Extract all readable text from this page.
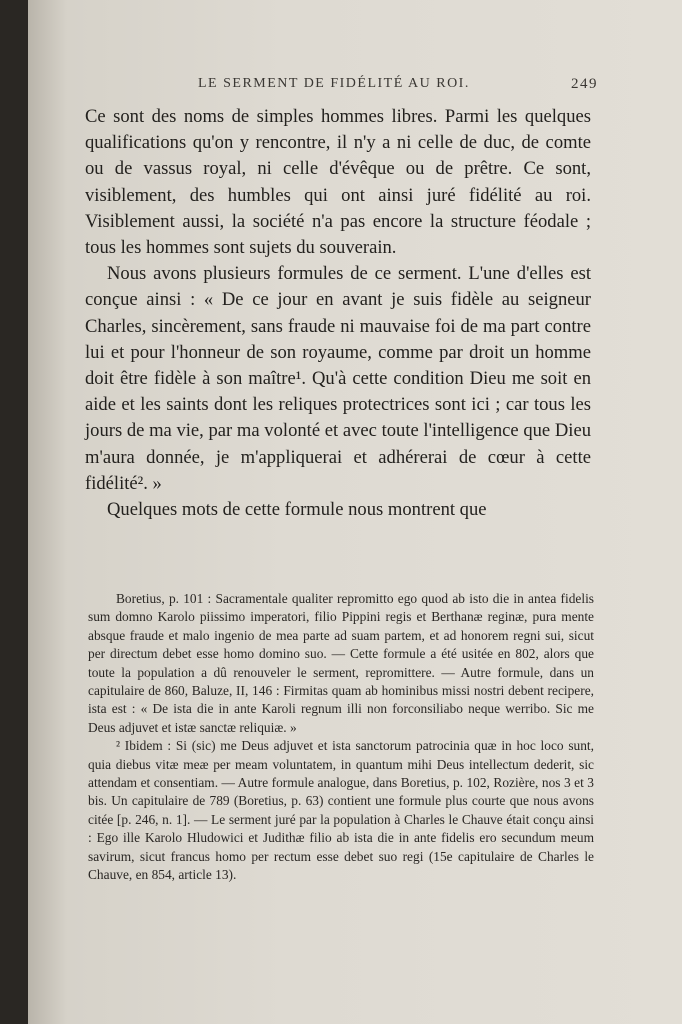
LE SERMENT DE FIDÉLITÉ AU ROI.	249

Ce sont des noms de simples hommes libres. Parmi les quelques qualifications qu'on y rencontre, il n'y a ni celle de duc, de comte ou de vassus royal, ni celle d'évêque ou de prêtre. Ce sont, visiblement, des humbles qui ont ainsi juré fidélité au roi. Visiblement aussi, la société n'a pas encore la structure féodale ; tous les hommes sont sujets du souverain.

Nous avons plusieurs formules de ce serment. L'une d'elles est conçue ainsi : « De ce jour en avant je suis fidèle au seigneur Charles, sincèrement, sans fraude ni mauvaise foi de ma part contre lui et pour l'honneur de son royaume, comme par droit un homme doit être fidèle à son maître¹. Qu'à cette condition Dieu me soit en aide et les saints dont les reliques protectrices sont ici ; car tous les jours de ma vie, par ma volonté et avec toute l'intelligence que Dieu m'aura donnée, je m'appliquerai et adhérerai de cœur à cette fidélité². »

Quelques mots de cette formule nous montrent que

Boretius, p. 101 : Sacramentale qualiter repromitto ego quod ab isto die in antea fidelis sum domno Karolo piissimo imperatori, filio Pippini regis et Berthanæ reginæ, pura mente absque fraude et malo ingenio de mea parte ad suam partem, et ad honorem regni sui, sicut per directum debet esse homo domino suo. — Cette formule a été usitée en 802, alors que toute la population a dû renouveler le serment, repromittere. — Autre formule, dans un capitulaire de 860, Baluze, II, 146 : Firmitas quam ab hominibus missi nostri debent recipere, ista est : « De ista die in ante Karoli regnum illi non forconsiliabo neque werribo. Sic me Deus adjuvet et istæ sanctæ reliquiæ. »

² Ibidem : Si (sic) me Deus adjuvet et ista sanctorum patrocinia quæ in hoc loco sunt, quia diebus vitæ meæ per meam voluntatem, in quantum mihi Deus intellectum dederit, sic attendam et consentiam. — Autre formule analogue, dans Boretius, p. 102, Rozière, nos 3 et 3 bis. Un capitulaire de 789 (Boretius, p. 63) contient une formule plus courte que nous avons citée [p. 246, n. 1]. — Le serment juré par la population à Charles le Chauve était conçu ainsi : Ego ille Karolo Hludowici et Judithæ filio ab ista die in ante fidelis ero secundum meum savirum, sicut francus homo per rectum esse debet suo regi (15e capitulaire de Charles le Chauve, en 854, article 13).
